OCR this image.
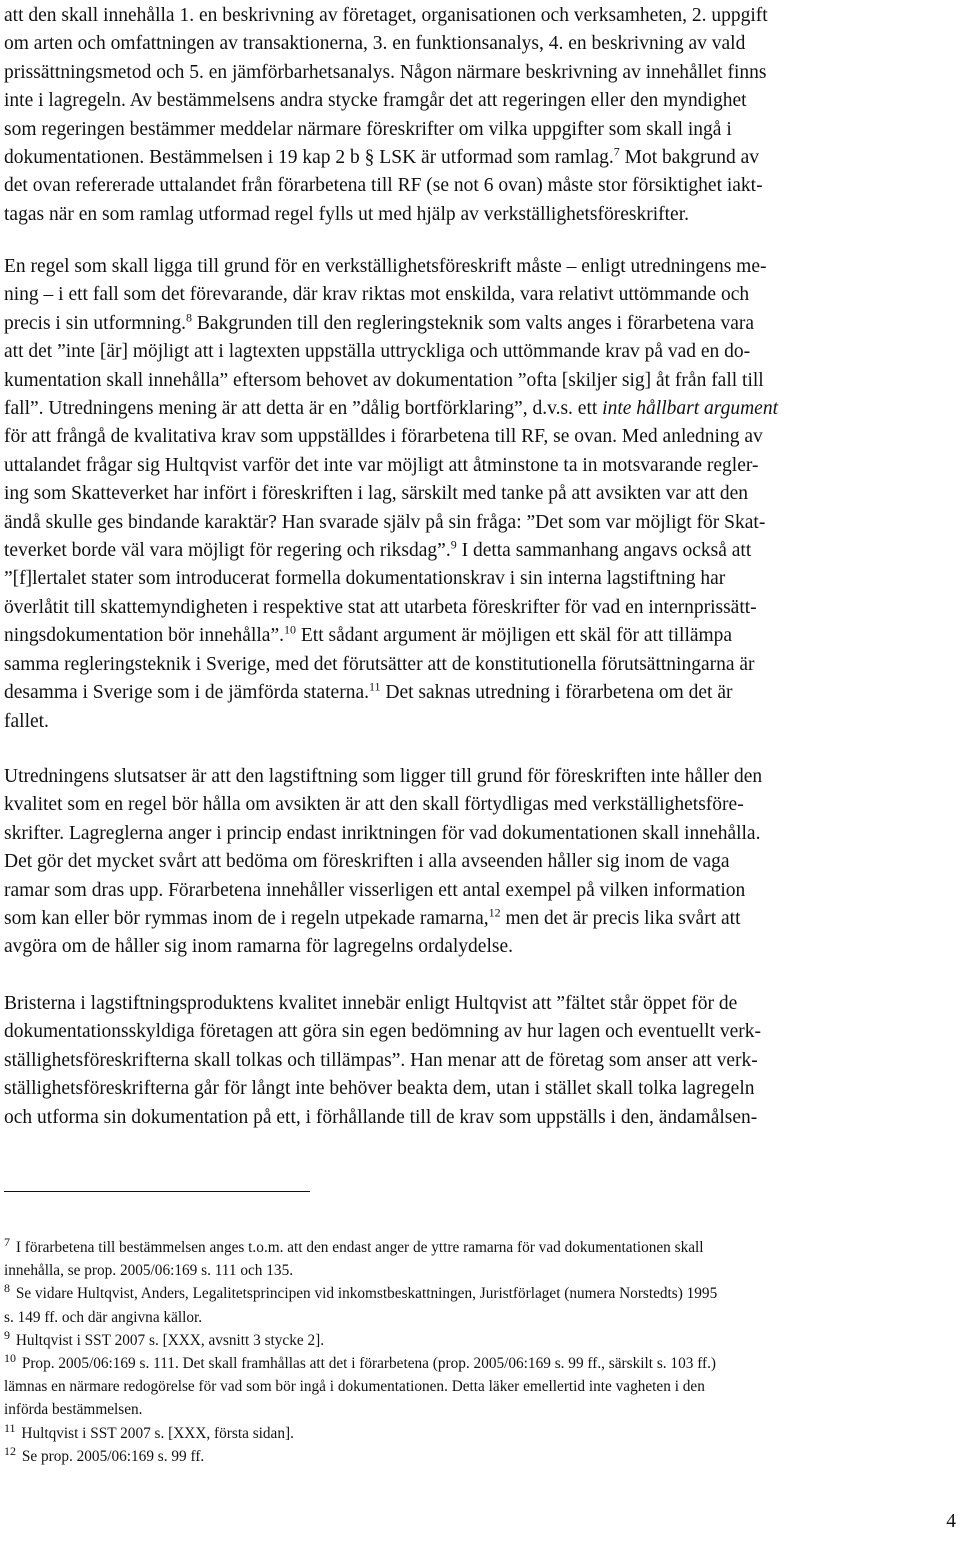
att den skall innehålla 1. en beskrivning av företaget, organisationen och verksamheten, 2. uppgift
om arten och omfattningen av transaktionerna, 3. en funktionsanalys, 4. en beskrivning av vald
prissättningsmetod och 5. en jämförbarhetsanalys. Någon närmare beskrivning av innehållet finns
inte i lagregeln. Av bestämmelsens andra stycke framgår det att regeringen eller den myndighet
som regeringen bestämmer meddelar närmare föreskrifter om vilka uppgifter som skall ingå i
dokumentationen. Bestämmelsen i 19 kap 2 b § LSK är utformad som ramlag.$^7$ Mot bakgrund av
det ovan refererade uttalandet från förarbetena till RF (se not 6 ovan) måste stor försiktighet iakt-
tagas när en som ramlag utformad regel fylls ut med hjälp av verkställighetsföreskrifter.
En regel som skall ligga till grund för en verkställighetsföreskrift måste – enligt utredningens me-
ning – i ett fall som det förevarande, där krav riktas mot enskilda, vara relativt uttömmande och
precis i sin utformning.$^8$ Bakgrunden till den regleringsteknik som valts anges i förarbetena vara
att det ”inte [är] möjligt att i lagtexten uppställa uttryckliga och uttömmande krav på vad en do-
kumentation skall innehålla” eftersom behovet av dokumentation ”ofta [skiljer sig] åt från fall till
fall”. Utredningens mening är att detta är en ”dålig bortförklaring”, d.v.s. ett inte hållbart argument
för att frångå de kvalitativa krav som uppställdes i förarbetena till RF, se ovan. Med anledning av
uttalandet frågar sig Hultqvist varför det inte var möjligt att åtminstone ta in motsvarande regler-
ing som Skatteverket har infört i föreskriften i lag, särskilt med tanke på att avsikten var att den
ändå skulle ges bindande karaktär? Han svarade själv på sin fråga: ”Det som var möjligt för Skat-
teverket borde väl vara möjligt för regering och riksdag”.$^9$ I detta sammanhang angavs också att
”[f]lertalet stater som introducerat formella dokumentationskrav i sin interna lagstiftning har
överlåtit till skattemyndigheten i respektive stat att utarbeta föreskrifter för vad en internprissätt-
ningsdokumentation bör innehålla”.$^{10}$ Ett sådant argument är möjligen ett skäl för att tillämpa
samma regleringsteknik i Sverige, med det förutsätter att de konstitutionella förutsättningarna är
desamma i Sverige som i de jämförda staterna.$^{11}$ Det saknas utredning i förarbetena om det är
fallet.
Utredningens slutsatser är att den lagstiftning som ligger till grund för föreskriften inte håller den
kvalitet som en regel bör hålla om avsikten är att den skall förtydligas med verkställighetsföre-
skrifter. Lagreglerna anger i princip endast inriktningen för vad dokumentationen skall innehålla.
Det gör det mycket svårt att bedöma om föreskriften i alla avseenden håller sig inom de vaga
ramar som dras upp. Förarbetena innehåller visserligen ett antal exempel på vilken information
som kan eller bör rymmas inom de i regeln utpekade ramarna,$^{12}$ men det är precis lika svårt att
avgöra om de håller sig inom ramarna för lagregelns ordalydelse.
Bristerna i lagstiftningsproduktens kvalitet innebär enligt Hultqvist att ”fältet står öppet för de
dokumentationsskyldiga företagen att göra sin egen bedömning av hur lagen och eventuellt verk-
ställighetsföreskrifterna skall tolkas och tillämpas”. Han menar att de företag som anser att verk-
ställighetsföreskrifterna går för långt inte behöver beakta dem, utan i stället skall tolka lagregeln
och utforma sin dokumentation på ett, i förhållande till de krav som uppställs i den, ändamålsen-
$^7$ I förarbetena till bestämmelsen anges t.o.m. att den endast anger de yttre ramarna för vad dokumentationen skall
innehålla, se prop. 2005/06:169 s. 111 och 135.
$^8$ Se vidare Hultqvist, Anders, Legalitetsprincipen vid inkomstbeskattningen, Juristförlaget (numera Norstedts) 1995
s. 149 ff. och där angivna källor.
$^9$ Hultqvist i SST 2007 s. [XXX, avsnitt 3 stycke 2].
$^{10}$ Prop. 2005/06:169 s. 111. Det skall framhållas att det i förarbetena (prop. 2005/06:169 s. 99 ff., särskilt s. 103 ff.)
lämnas en närmare redogörelse för vad som bör ingå i dokumentationen. Detta läker emellertid inte vagheten i den
införda bestämmelsen.
$^{11}$ Hultqvist i SST 2007 s. [XXX, första sidan].
$^{12}$ Se prop. 2005/06:169 s. 99 ff.
4
